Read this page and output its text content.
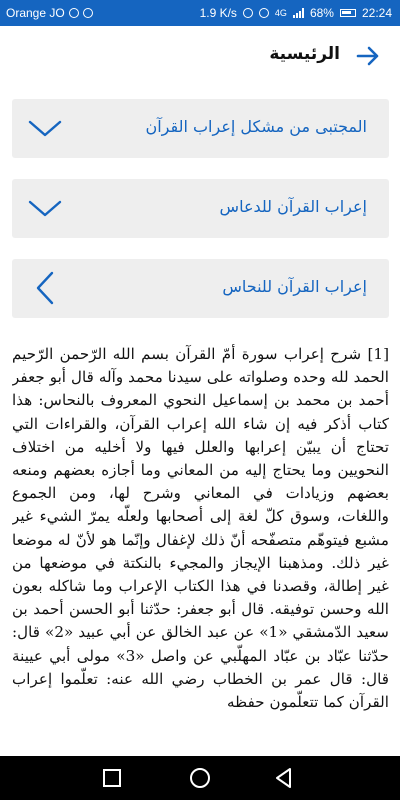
Orange JO	1.9 K/s	4G 68% 22:24
الرئيسية
المجتبى من مشكل إعراب القرآن
إعراب القرآن للدعاس
إعراب القرآن للنحاس
[1] شرح إعراب سورة أمّ القرآن بسم الله الرّحمن الرّحيم الحمد لله وحده وصلواته على سيدنا محمد وآله قال أبو جعفر أحمد بن محمد بن إسماعيل النحوي المعروف بالنحاس: هذا كتاب أذكر فيه إن شاء الله إعراب القرآن، والقراءات التي تحتاج أن يبيّن إعرابها والعلل فيها ولا أخليه من اختلاف النحويين وما يحتاج إليه من المعاني وما أجازه بعضهم ومنعه بعضهم وزيادات في المعاني وشرح لها، ومن الجموع واللغات، وسوق كلّ لغة إلى أصحابها ولعلّه يمرّ الشيء غير مشبع فيتوهّم متصفّحه أنّ ذلك لإغفال وإنّما هو لأنّ له موضعا غير ذلك. ومذهبنا الإيجاز والمجيء بالنكتة في موضعها من غير إطالة، وقصدنا في هذا الكتاب الإعراب وما شاكله بعون الله وحسن توفيقه. قال أبو جعفر: حدّثنا أبو الحسن أحمد بن سعيد الدّمشقي «1» عن عبد الخالق عن أبي عبيد «2» قال: حدّثنا عبّاد بن عبّاد المهلّبي عن واصل «3» مولى أبي عيينة قال: قال عمر بن الخطاب رضي الله عنه: تعلّموا إعراب القرآن كما تتعلّمون حفظه
